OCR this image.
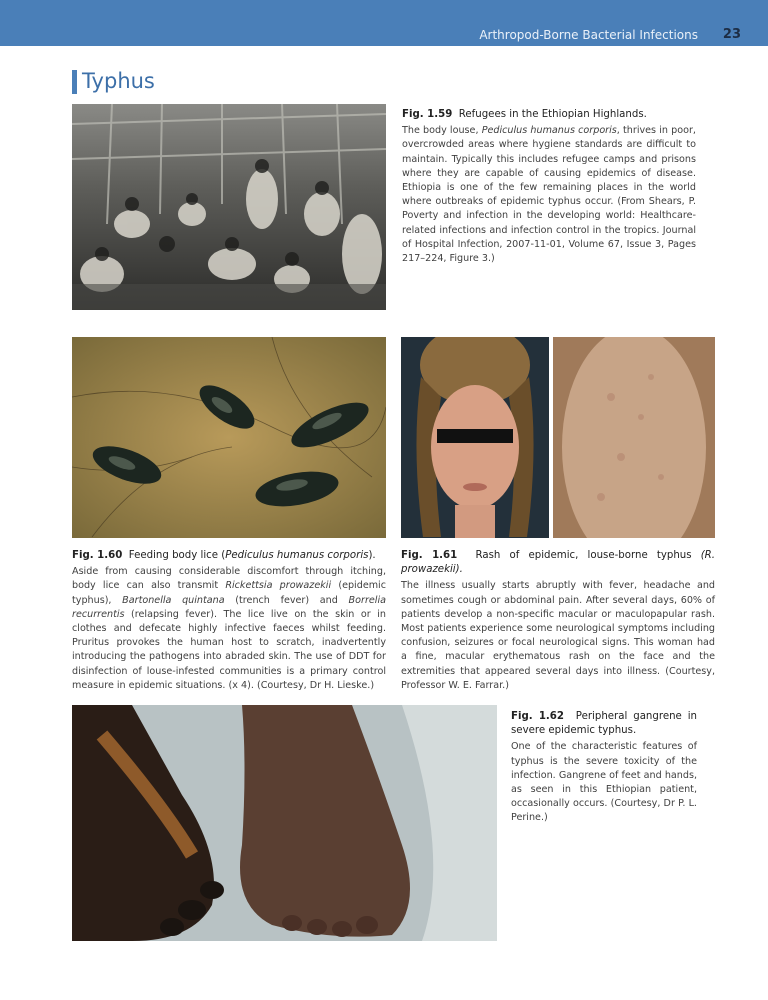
Arthropod-Borne Bacterial Infections 23
Typhus

Fig. 1.59 Refugees in the Ethiopian Highlands.

The body louse, Pediculus humanus corporis, thrives in poor, overcrowded areas where hygiene standards are difficult to maintain. Typically this includes refugee camps and prisons where they are capable of causing epidemics of disease. Ethiopia is one of the few remaining places in the world where outbreaks of epidemic typhus occur. (From Shears, P. Poverty and infection in the developing world: Healthcare-related infections and infection control in the tropics. Journal of Hospital Infection, 2007-11-01, Volume 67, Issue 3, Pages 217–224, Figure 3.)

Fig. 1.60 Feeding body lice (Pediculus humanus corporis).

Aside from causing considerable discomfort through itching, body lice can also transmit Rickettsia prowazekii (epidemic typhus), Bartonella quintana (trench fever) and Borrelia recurrentis (relapsing fever). The lice live on the skin or in clothes and defecate highly infective faeces whilst feeding. Pruritus provokes the human host to scratch, inadvertently introducing the pathogens into abraded skin. The use of DDT for disinfection of louse-infested communities is a primary control measure in epidemic situations. (x 4). (Courtesy, Dr H. Lieske.)

Fig. 1.61 Rash of epidemic, louse-borne typhus (R. prowazekii).

The illness usually starts abruptly with fever, headache and sometimes cough or abdominal pain. After several days, 60% of patients develop a non-specific macular or maculopapular rash. Most patients experience some neurological symptoms including confusion, seizures or focal neurological signs. This woman had a fine, macular erythematous rash on the face and the extremities that appeared several days into illness. (Courtesy, Professor W. E. Farrar.)

Fig. 1.62 Peripheral gangrene in severe epidemic typhus.

One of the characteristic features of typhus is the severe toxicity of the infection. Gangrene of feet and hands, as seen in this Ethiopian patient, occasionally occurs. (Courtesy, Dr P. L. Perine.)
